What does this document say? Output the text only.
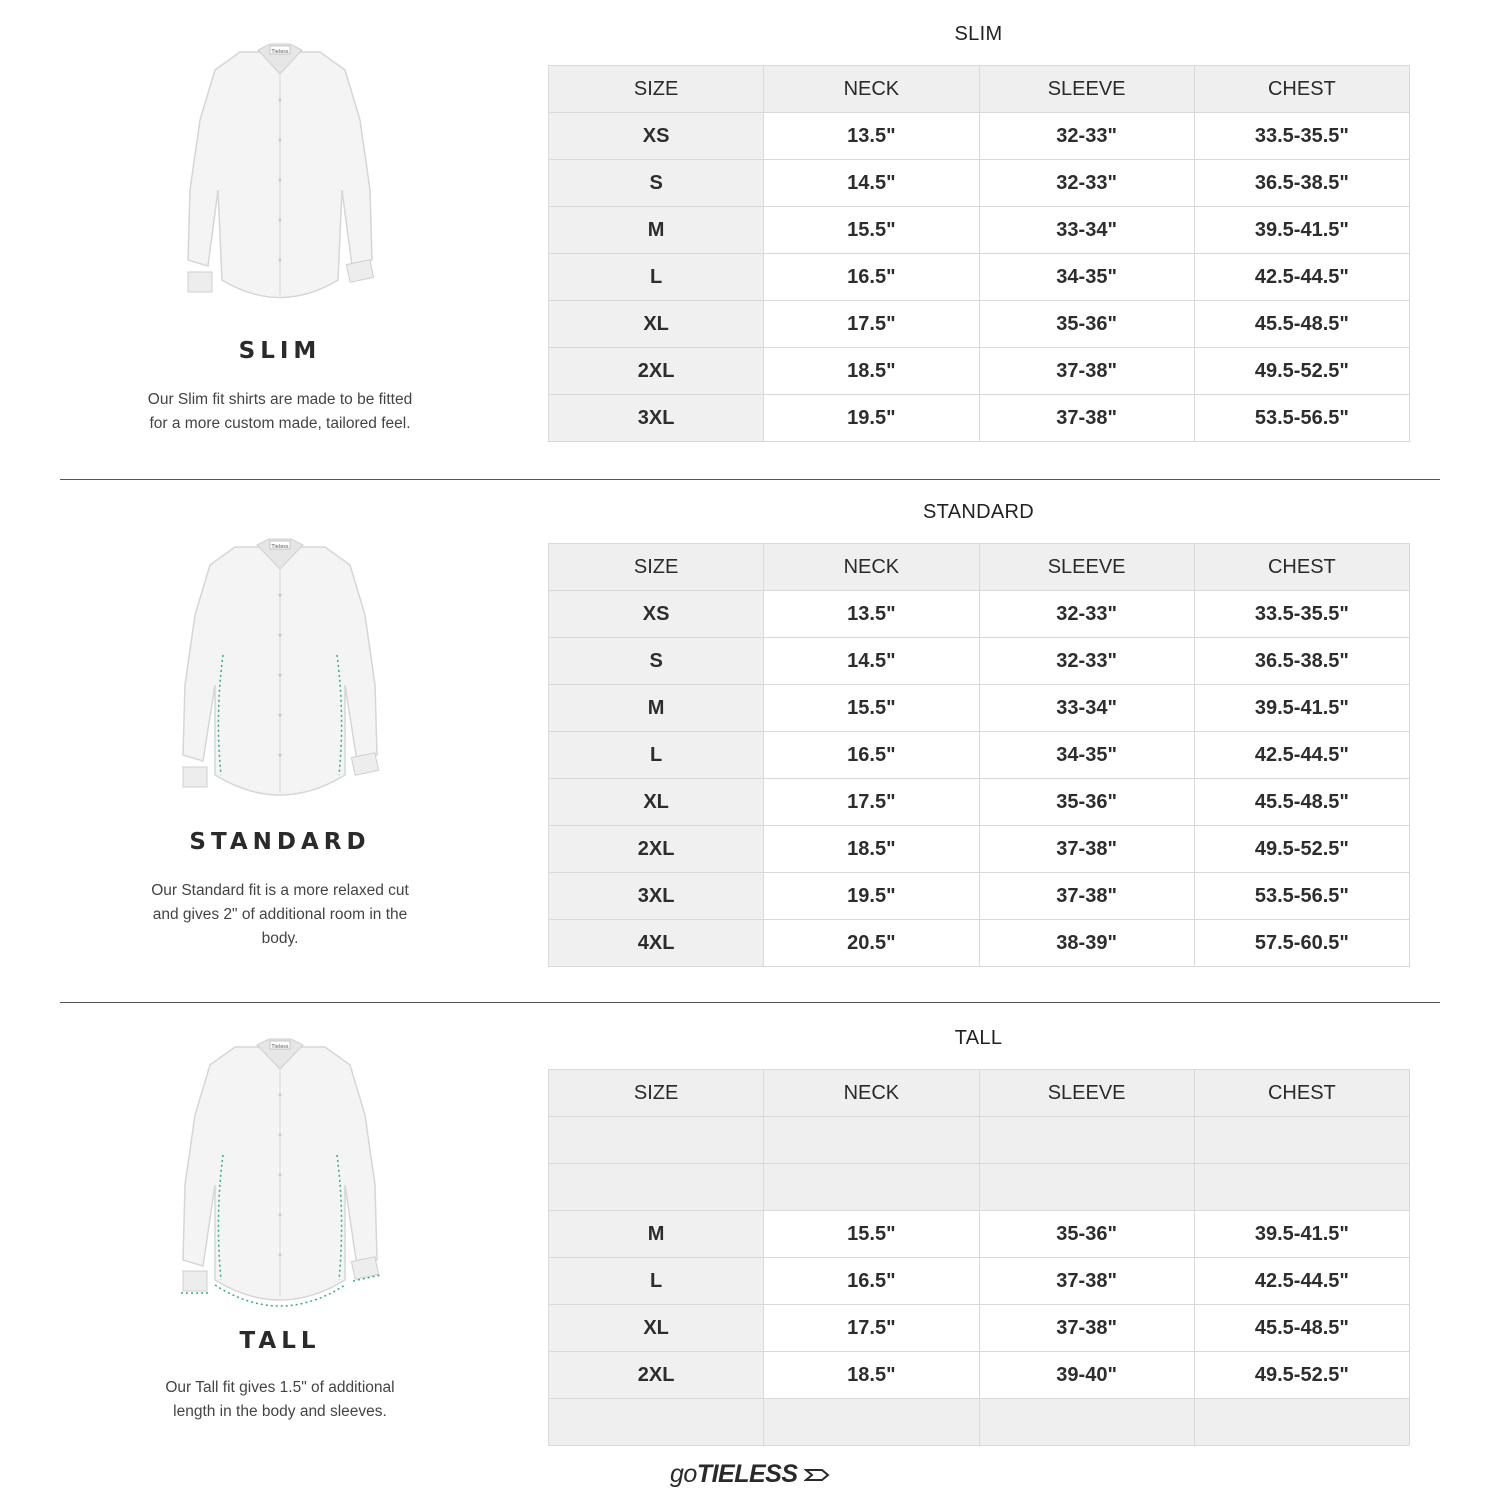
Tieless

SLIM

Our Slim fit shirts are made to be fitted for a more custom made, tailored feel.

SLIM
SIZE	NECK	SLEEVE	CHEST
XS	13.5"	32-33"	33.5-35.5"
S	14.5"	32-33"	36.5-38.5"
M	15.5"	33-34"	39.5-41.5"
L	16.5"	34-35"	42.5-44.5"
XL	17.5"	35-36"	45.5-48.5"
2XL	18.5"	37-38"	49.5-52.5"
3XL	19.5"	37-38"	53.5-56.5"
Tieless

STANDARD

Our Standard fit is a more relaxed cut and gives 2" of additional room in the body.

STANDARD
SIZE	NECK	SLEEVE	CHEST
XS	13.5"	32-33"	33.5-35.5"
S	14.5"	32-33"	36.5-38.5"
M	15.5"	33-34"	39.5-41.5"
L	16.5"	34-35"	42.5-44.5"
XL	17.5"	35-36"	45.5-48.5"
2XL	18.5"	37-38"	49.5-52.5"
3XL	19.5"	37-38"	53.5-56.5"
4XL	20.5"	38-39"	57.5-60.5"
Tieless

TALL

Our Tall fit gives 1.5" of additional length in the body and sleeves.

TALL
SIZE	NECK	SLEEVE	CHEST

M	15.5"	35-36"	39.5-41.5"
L	16.5"	37-38"	42.5-44.5"
XL	17.5"	37-38"	45.5-48.5"
2XL	18.5"	39-40"	49.5-52.5"

goTIELESS
